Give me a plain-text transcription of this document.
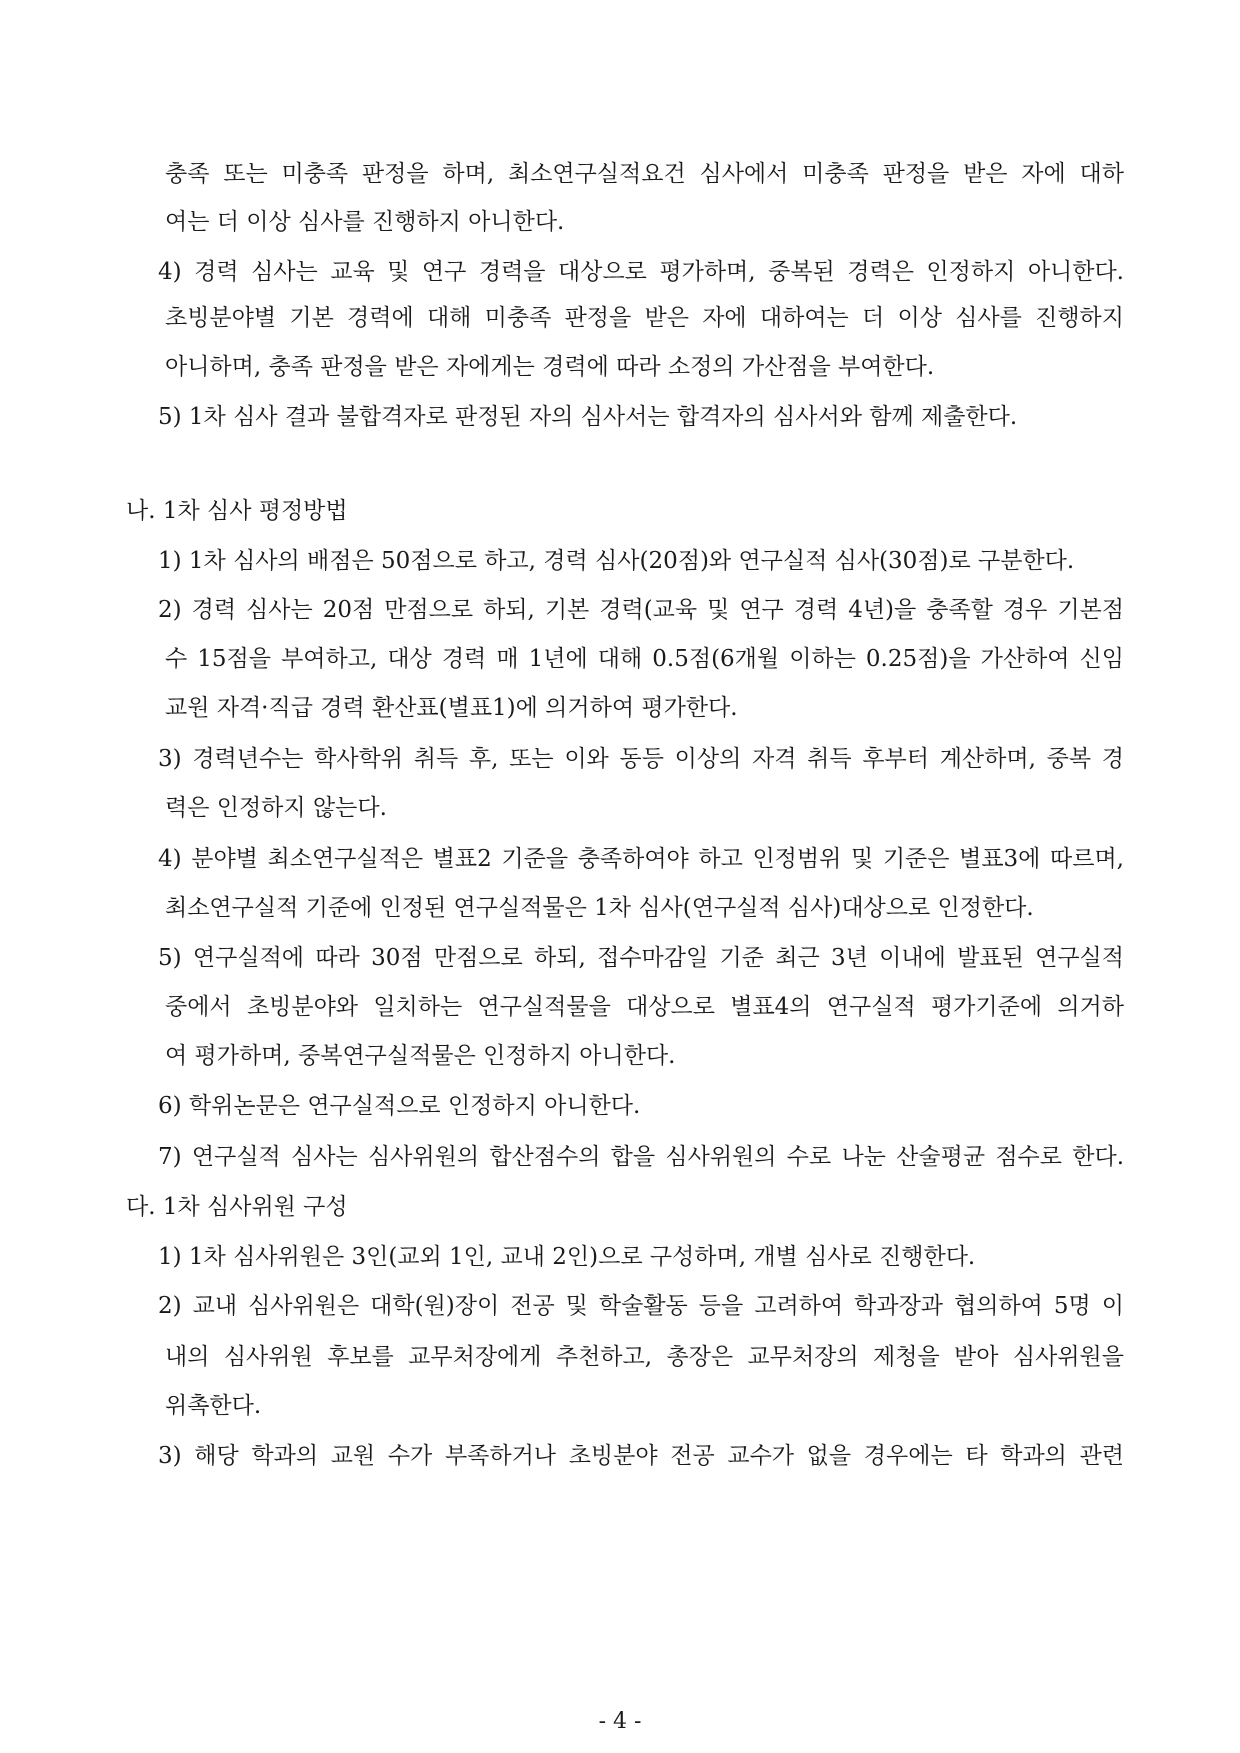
충족 또는 미충족 판정을 하며, 최소연구실적요건 심사에서 미충족 판정을 받은 자에 대하
여는 더 이상 심사를 진행하지 아니한다.
4) 경력 심사는 교육 및 연구 경력을 대상으로 평가하며, 중복된 경력은 인정하지 아니한다.
초빙분야별 기본 경력에 대해 미충족 판정을 받은 자에 대하여는 더 이상 심사를 진행하지
아니하며, 충족 판정을 받은 자에게는 경력에 따라 소정의 가산점을 부여한다.
5) 1차 심사 결과 불합격자로 판정된 자의 심사서는 합격자의 심사서와 함께 제출한다.
나. 1차 심사 평정방법
1) 1차 심사의 배점은 50점으로 하고, 경력 심사(20점)와 연구실적 심사(30점)로 구분한다.
2) 경력 심사는 20점 만점으로 하되, 기본 경력(교육 및 연구 경력 4년)을 충족할 경우 기본점
수 15점을 부여하고, 대상 경력 매 1년에 대해 0.5점(6개월 이하는 0.25점)을 가산하여 신임
교원 자격·직급 경력 환산표(별표1)에 의거하여 평가한다.
3) 경력년수는 학사학위 취득 후, 또는 이와 동등 이상의 자격 취득 후부터 계산하며, 중복 경
력은 인정하지 않는다.
4) 분야별 최소연구실적은 별표2 기준을 충족하여야 하고 인정범위 및 기준은 별표3에 따르며,
최소연구실적 기준에 인정된 연구실적물은 1차 심사(연구실적 심사)대상으로 인정한다.
5) 연구실적에 따라 30점 만점으로 하되, 접수마감일 기준 최근 3년 이내에 발표된 연구실적
중에서 초빙분야와 일치하는 연구실적물을 대상으로 별표4의 연구실적 평가기준에 의거하
여 평가하며, 중복연구실적물은 인정하지 아니한다.
6) 학위논문은 연구실적으로 인정하지 아니한다.
7) 연구실적 심사는 심사위원의 합산점수의 합을 심사위원의 수로 나눈 산술평균 점수로 한다.
다. 1차 심사위원 구성
1) 1차 심사위원은 3인(교외 1인, 교내 2인)으로 구성하며, 개별 심사로 진행한다.
2) 교내 심사위원은 대학(원)장이 전공 및 학술활동 등을 고려하여 학과장과 협의하여 5명 이
내의 심사위원 후보를 교무처장에게 추천하고, 총장은 교무처장의 제청을 받아 심사위원을
위촉한다.
3) 해당 학과의 교원 수가 부족하거나 초빙분야 전공 교수가 없을 경우에는 타 학과의 관련
- 4 -
